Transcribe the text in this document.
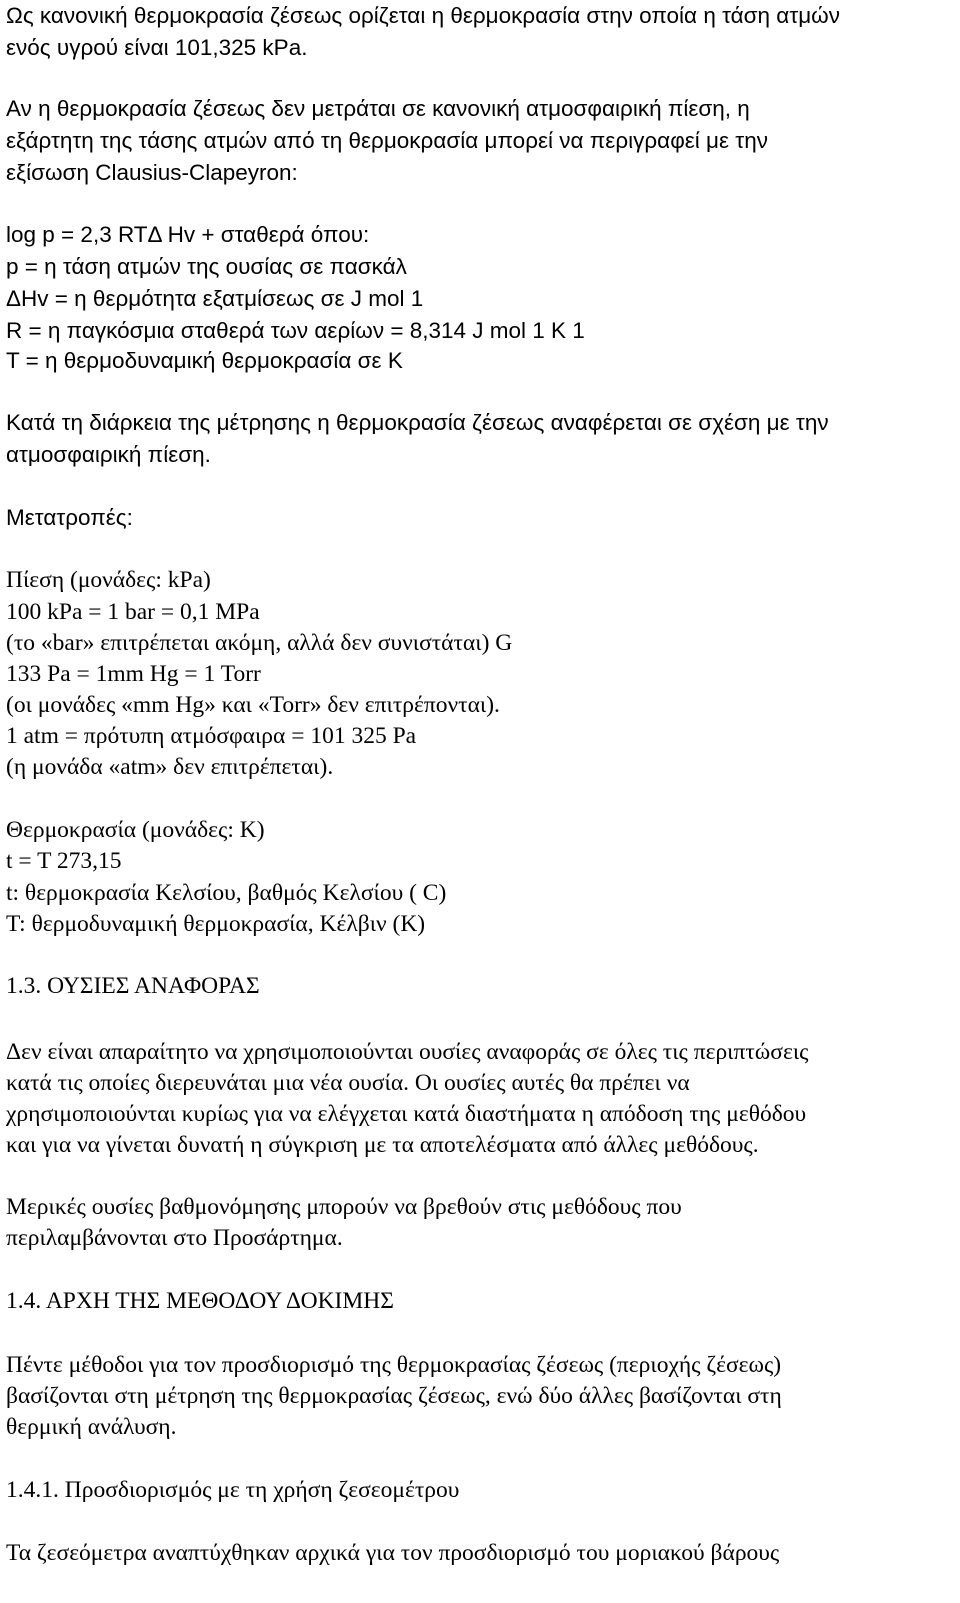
Ως κανονική θερμοκρασία ζέσεως ορίζεται η θερμοκρασία στην οποία η τάση ατμών
ενός υγρού είναι 101,325 kPa.
Αν η θερμοκρασία ζέσεως δεν μετράται σε κανονική ατμοσφαιρική πίεση, η
εξάρτητη της τάσης ατμών από τη θερμοκρασία μπορεί να περιγραφεί με την
εξίσωση Clausius-Clapeyron:
log p = 2,3 RTΔ Hv + σταθερά όπου:
p = η τάση ατμών της ουσίας σε πασκάλ
ΔHv = η θερμότητα εξατμίσεως σε J mol 1
R = η παγκόσμια σταθερά των αερίων = 8,314 J mol 1 K 1
T = η θερμοδυναμική θερμοκρασία σε K
Κατά τη διάρκεια της μέτρησης η θερμοκρασία ζέσεως αναφέρεται σε σχέση με την
ατμοσφαιρική πίεση.
Μετατροπές:
Πίεση (μονάδες: kPa)
100 kPa = 1 bar = 0,1 MPa
(το «bar» επιτρέπεται ακόμη, αλλά δεν συνιστάται) G
133 Pa = 1mm Hg = 1 Torr
(οι μονάδες «mm Hg» και «Torr» δεν επιτρέπονται).
1 atm = πρότυπη ατμόσφαιρα = 101 325 Pa
(η μονάδα «atm» δεν επιτρέπεται).
Θερμοκρασία (μονάδες: K)
t = T 273,15
t: θερμοκρασία Κελσίου, βαθμός Κελσίου ( C)
T: θερμοδυναμική θερμοκρασία, Κέλβιν (K)
1.3. ΟΥΣΙΕΣ ΑΝΑΦΟΡΑΣ
Δεν είναι απαραίτητο να χρησιμοποιούνται ουσίες αναφοράς σε όλες τις περιπτώσεις
κατά τις οποίες διερευνάται μια νέα ουσία. Οι ουσίες αυτές θα πρέπει να
χρησιμοποιούνται κυρίως για να ελέγχεται κατά διαστήματα η απόδοση της μεθόδου
και για να γίνεται δυνατή η σύγκριση με τα αποτελέσματα από άλλες μεθόδους.
Μερικές ουσίες βαθμονόμησης μπορούν να βρεθούν στις μεθόδους που
περιλαμβάνονται στο Προσάρτημα.
1.4. ΑΡΧΗ ΤΗΣ ΜΕΘΟΔΟΥ ΔΟΚΙΜΗΣ
Πέντε μέθοδοι για τον προσδιορισμό της θερμοκρασίας ζέσεως (περιοχής ζέσεως)
βασίζονται στη μέτρηση της θερμοκρασίας ζέσεως, ενώ δύο άλλες βασίζονται στη
θερμική ανάλυση.
1.4.1. Προσδιορισμός με τη χρήση ζεσεομέτρου
Τα ζεσεόμετρα αναπτύχθηκαν αρχικά για τον προσδιορισμό του μοριακού βάρους
